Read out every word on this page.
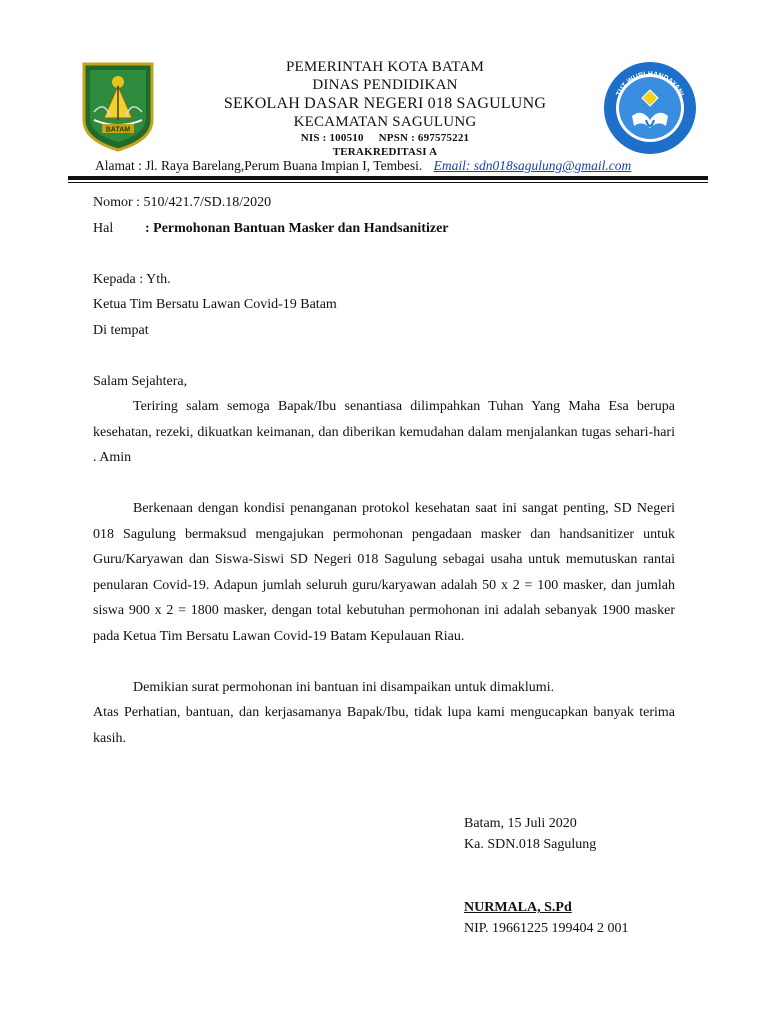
BATAM
TUT WURI HANDAYANI
PEMERINTAH KOTA BATAM
DINAS PENDIDIKAN
SEKOLAH DASAR NEGERI 018 SAGULUNG
KECAMATAN SAGULUNG
NIS : 100510 NPSN : 697575221
TERAKREDITASI A
Alamat : Jl. Raya Barelang,Perum Buana Impian I, Tembesi. Email: sdn018sagulung@gmail.com
Nomor : 510/421.7/SD.18/2020
Hal : Permohonan Bantuan Masker dan Handsanitizer
Kepada : Yth.
Ketua Tim Bersatu Lawan Covid-19 Batam
Di tempat
Salam Sejahtera,

Teriring salam semoga Bapak/Ibu senantiasa dilimpahkan Tuhan Yang Maha Esa berupa kesehatan, rezeki, dikuatkan keimanan, dan diberikan kemudahan dalam menjalankan tugas sehari-hari . Amin

Berkenaan dengan kondisi penanganan protokol kesehatan saat ini sangat penting, SD Negeri 018 Sagulung bermaksud mengajukan permohonan pengadaan masker dan handsanitizer untuk Guru/Karyawan dan Siswa-Siswi SD Negeri 018 Sagulung sebagai usaha untuk memutuskan rantai penularan Covid-19. Adapun jumlah seluruh guru/karyawan adalah 50 x 2 = 100 masker, dan jumlah siswa 900 x 2 = 1800 masker, dengan total kebutuhan permohonan ini adalah sebanyak 1900 masker pada Ketua Tim Bersatu Lawan Covid-19 Batam Kepulauan Riau.

Demikian surat permohonan ini bantuan ini disampaikan untuk dimaklumi.

Atas Perhatian, bantuan, dan kerjasamanya Bapak/Ibu, tidak lupa kami mengucapkan banyak terima kasih.

Batam, 15 Juli 2020
Ka. SDN.018 Sagulung
NURMALA, S.Pd
NIP. 19661225 199404 2 001
